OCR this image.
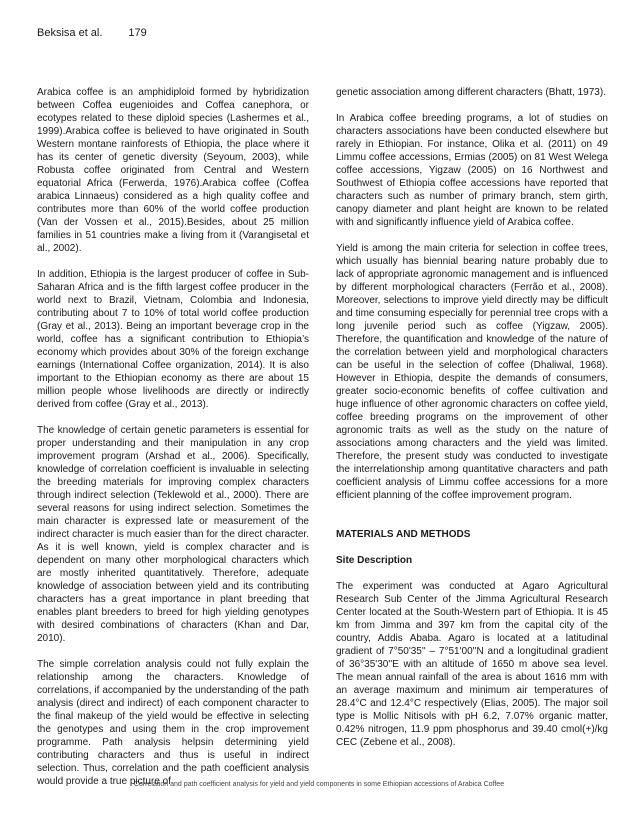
Beksisa et al. 179

Arabica coffee is an amphidiploid formed by hybridization between Coffea eugenioides and Coffea canephora, or ecotypes related to these diploid species (Lashermes et al., 1999).Arabica coffee is believed to have originated in South Western montane rainforests of Ethiopia, the place where it has its center of genetic diversity (Seyoum, 2003), while Robusta coffee originated from Central and Western equatorial Africa (Ferwerda, 1976).Arabica coffee (Coffea arabica Linnaeus) considered as a high quality coffee and contributes more than 60% of the world coffee production (Van der Vossen et al., 2015).Besides, about 25 million families in 51 countries make a living from it (Varangisetal et al., 2002).

In addition, Ethiopia is the largest producer of coffee in Sub-Saharan Africa and is the fifth largest coffee producer in the world next to Brazil, Vietnam, Colombia and Indonesia, contributing about 7 to 10% of total world coffee production (Gray et al., 2013). Being an important beverage crop in the world, coffee has a significant contribution to Ethiopia’s economy which provides about 30% of the foreign exchange earnings (International Coffee organization, 2014). It is also important to the Ethiopian economy as there are about 15 million people whose livelihoods are directly or indirectly derived from coffee (Gray et al., 2013).

The knowledge of certain genetic parameters is essential for proper understanding and their manipulation in any crop improvement program (Arshad et al., 2006). Specifically, knowledge of correlation coefficient is invaluable in selecting the breeding materials for improving complex characters through indirect selection (Teklewold et al., 2000). There are several reasons for using indirect selection. Sometimes the main character is expressed late or measurement of the indirect character is much easier than for the direct character. As it is well known, yield is complex character and is dependent on many other morphological characters which are mostly inherited quantitatively. Therefore, adequate knowledge of association between yield and its contributing characters has a great importance in plant breeding that enables plant breeders to breed for high yielding genotypes with desired combinations of characters (Khan and Dar, 2010).

The simple correlation analysis could not fully explain the relationship among the characters. Knowledge of correlations, if accompanied by the understanding of the path analysis (direct and indirect) of each component character to the final makeup of the yield would be effective in selecting the genotypes and using them in the crop improvement programme. Path analysis helpsin determining yield contributing characters and thus is useful in indirect selection. Thus, correlation and the path coefficient analysis would provide a true picture of

genetic association among different characters (Bhatt, 1973).

In Arabica coffee breeding programs, a lot of studies on characters associations have been conducted elsewhere but rarely in Ethiopian. For instance, Olika et al. (2011) on 49 Limmu coffee accessions, Ermias (2005) on 81 West Welega coffee accessions, Yigzaw (2005) on 16 Northwest and Southwest of Ethiopia coffee accessions have reported that characters such as number of primary branch, stem girth, canopy diameter and plant height are known to be related with and significantly influence yield of Arabica coffee.

Yield is among the main criteria for selection in coffee trees, which usually has biennial bearing nature probably due to lack of appropriate agronomic management and is influenced by different morphological characters (Ferrão et al., 2008). Moreover, selections to improve yield directly may be difficult and time consuming especially for perennial tree crops with a long juvenile period such as coffee (Yigzaw, 2005). Therefore, the quantification and knowledge of the nature of the correlation between yield and morphological characters can be useful in the selection of coffee (Dhaliwal, 1968). However in Ethiopia, despite the demands of consumers, greater socio-economic benefits of coffee cultivation and huge influence of other agronomic characters on coffee yield, coffee breeding programs on the improvement of other agronomic traits as well as the study on the nature of associations among characters and the yield was limited. Therefore, the present study was conducted to investigate the interrelationship among quantitative characters and path coefficient analysis of Limmu coffee accessions for a more efficient planning of the coffee improvement program.

MATERIALS AND METHODS
Site Description

The experiment was conducted at Agaro Agricultural Research Sub Center of the Jimma Agricultural Research Center located at the South-Western part of Ethiopia. It is 45 km from Jimma and 397 km from the capital city of the country, Addis Ababa. Agaro is located at a latitudinal gradient of 7°50'35'' – 7°51'00''N and a longitudinal gradient of 36°35'30''E with an altitude of 1650 m above sea level. The mean annual rainfall of the area is about 1616 mm with an average maximum and minimum air temperatures of 28.4°C and 12.4°C respectively (Elias, 2005). The major soil type is Mollic Nitisols with pH 6.2, 7.07% organic matter, 0.42% nitrogen, 11.9 ppm phosphorus and 39.40 cmol(+)/kg CEC (Zebene et al., 2008).

Correlation and path coefficient analysis for yield and yield components in some Ethiopian accessions of Arabica Coffee
